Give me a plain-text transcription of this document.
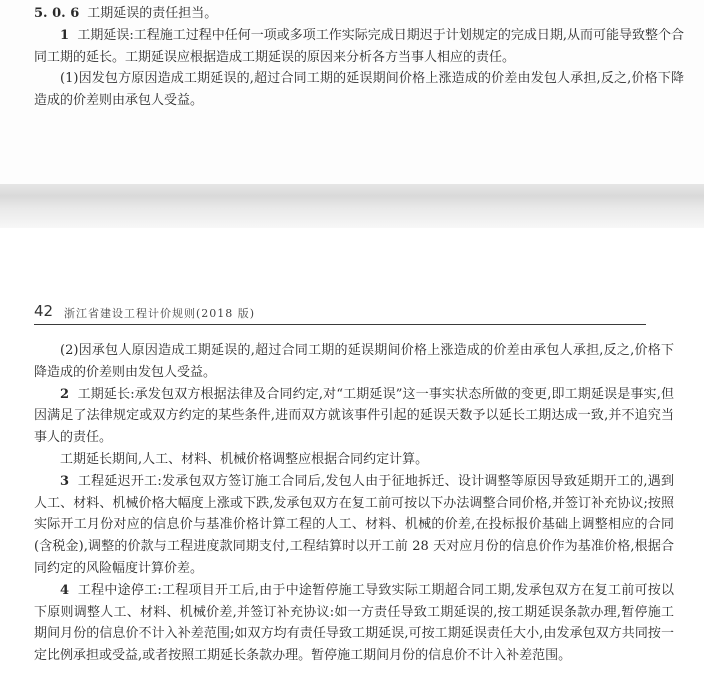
5. 0. 6 工期延误的责任担当。

1 工期延误:工程施工过程中任何一项或多项工作实际完成日期迟于计划规定的完成日期,从而可能导致整个合同工期的延长。工期延误应根据造成工期延误的原因来分析各方当事人相应的责任。

(1)因发包方原因造成工期延误的,超过合同工期的延误期间价格上涨造成的价差由发包人承担,反之,价格下降造成的价差则由承包人受益。

42 浙江省建设工程计价规则(2018 版)

(2)因承包人原因造成工期延误的,超过合同工期的延误期间价格上涨造成的价差由承包人承担,反之,价格下降造成的价差则由发包人受益。

2 工期延长:承发包双方根据法律及合同约定,对“工期延误”这一事实状态所做的变更,即工期延误是事实,但因满足了法律规定或双方约定的某些条件,进而双方就该事件引起的延误天数予以延长工期达成一致,并不追究当事人的责任。

工期延长期间,人工、材料、机械价格调整应根据合同约定计算。

3 工程延迟开工:发承包双方签订施工合同后,发包人由于征地拆迁、设计调整等原因导致延期开工的,遇到人工、材料、机械价格大幅度上涨或下跌,发承包双方在复工前可按以下办法调整合同价格,并签订补充协议;按照实际开工月份对应的信息价与基准价格计算工程的人工、材料、机械的价差,在投标报价基础上调整相应的合同(含税金),调整的价款与工程进度款同期支付,工程结算时以开工前 28 天对应月份的信息价作为基准价格,根据合同约定的风险幅度计算价差。

4 工程中途停工:工程项目开工后,由于中途暂停施工导致实际工期超合同工期,发承包双方在复工前可按以下原则调整人工、材料、机械价差,并签订补充协议:如一方责任导致工期延误的,按工期延误条款办理,暂停施工期间月份的信息价不计入补差范围;如双方均有责任导致工期延误,可按工期延误责任大小,由发承包双方共同按一定比例承担或受益,或者按照工期延长条款办理。暂停施工期间月份的信息价不计入补差范围。
